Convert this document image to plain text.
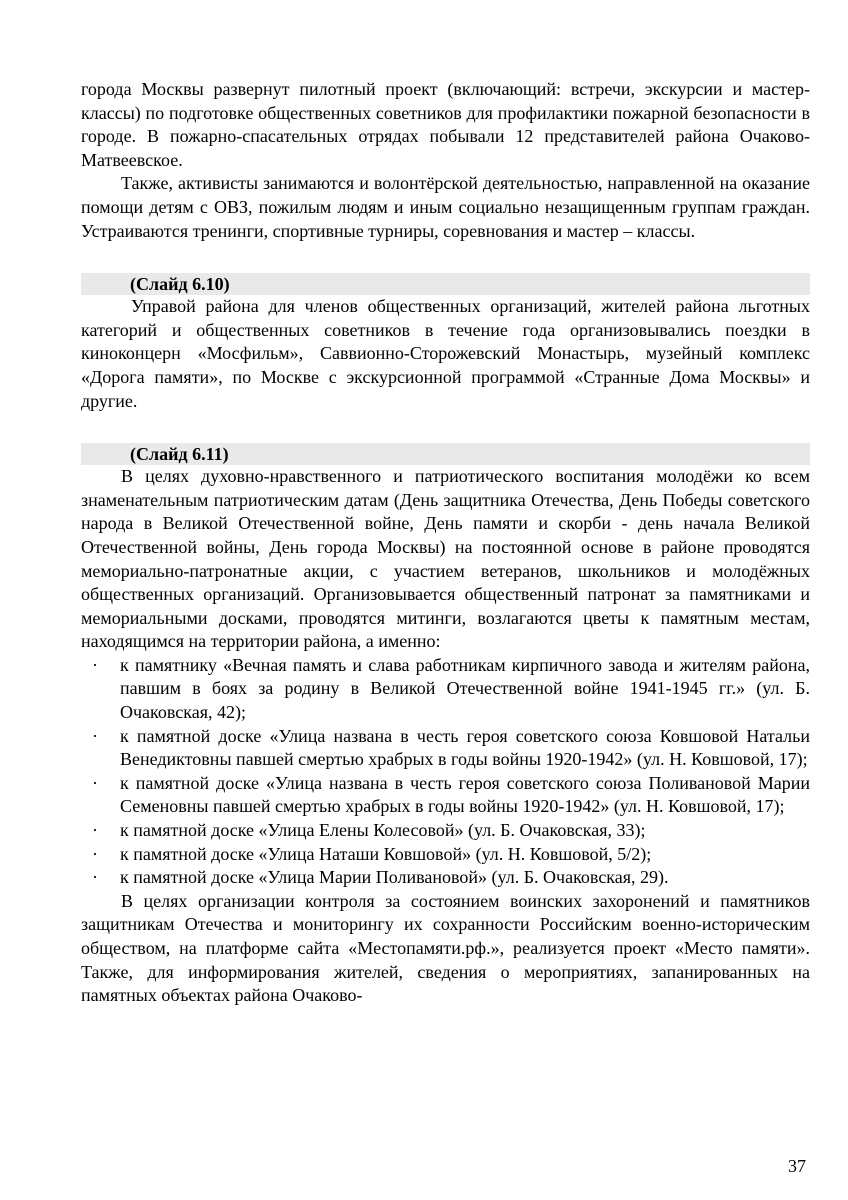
города Москвы развернут пилотный проект (включающий: встречи, экскурсии и мастер-классы) по подготовке общественных советников для профилактики пожарной безопасности в городе. В пожарно-спасательных отрядах побывали 12 представителей района Очаково-Матвеевское.

Также, активисты занимаются и волонтёрской деятельностью, направленной на оказание помощи детям с ОВЗ, пожилым людям и иным социально незащищенным группам граждан. Устраиваются тренинги, спортивные турниры, соревнования и мастер – классы.

(Слайд 6.10)

Управой района для членов общественных организаций, жителей района льготных категорий и общественных советников в течение года организовывались поездки в киноконцерн «Мосфильм», Саввионно-Сторожевский Монастырь, музейный комплекс «Дорога памяти», по Москве с экскурсионной программой «Странные Дома Москвы» и другие.

(Слайд 6.11)

В целях духовно-нравственного и патриотического воспитания молодёжи ко всем знаменательным патриотическим датам (День защитника Отечества, День Победы советского народа в Великой Отечественной войне, День памяти и скорби - день начала Великой Отечественной войны, День города Москвы) на постоянной основе в районе проводятся мемориально-патронатные акции, с участием ветеранов, школьников и молодёжных общественных организаций. Организовывается общественный патронат за памятниками и мемориальными досками, проводятся митинги, возлагаются цветы к памятным местам, находящимся на территории района, а именно:

· к памятнику «Вечная память и слава работникам кирпичного завода и жителям района, павшим в боях за родину в Великой Отечественной войне 1941-1945 гг.» (ул. Б. Очаковская, 42);
· к памятной доске «Улица названа в честь героя советского союза Ковшовой Натальи Венедиктовны павшей смертью храбрых в годы войны 1920-1942» (ул. Н. Ковшовой, 17);
· к памятной доске «Улица названа в честь героя советского союза Поливановой Марии Семеновны павшей смертью храбрых в годы войны 1920-1942» (ул. Н. Ковшовой, 17);
· к памятной доске «Улица Елены Колесовой» (ул. Б. Очаковская, 33);
· к памятной доске «Улица Наташи Ковшовой» (ул. Н. Ковшовой, 5/2);
· к памятной доске «Улица Марии Поливановой» (ул. Б. Очаковская, 29).

В целях организации контроля за состоянием воинских захоронений и памятников защитникам Отечества и мониторингу их сохранности Российским военно-историческим обществом, на платформе сайта «Местопамяти.рф.», реализуется проект «Место памяти». Также, для информирования жителей, сведения о мероприятиях, запанированных на памятных объектах района Очаково-

37
